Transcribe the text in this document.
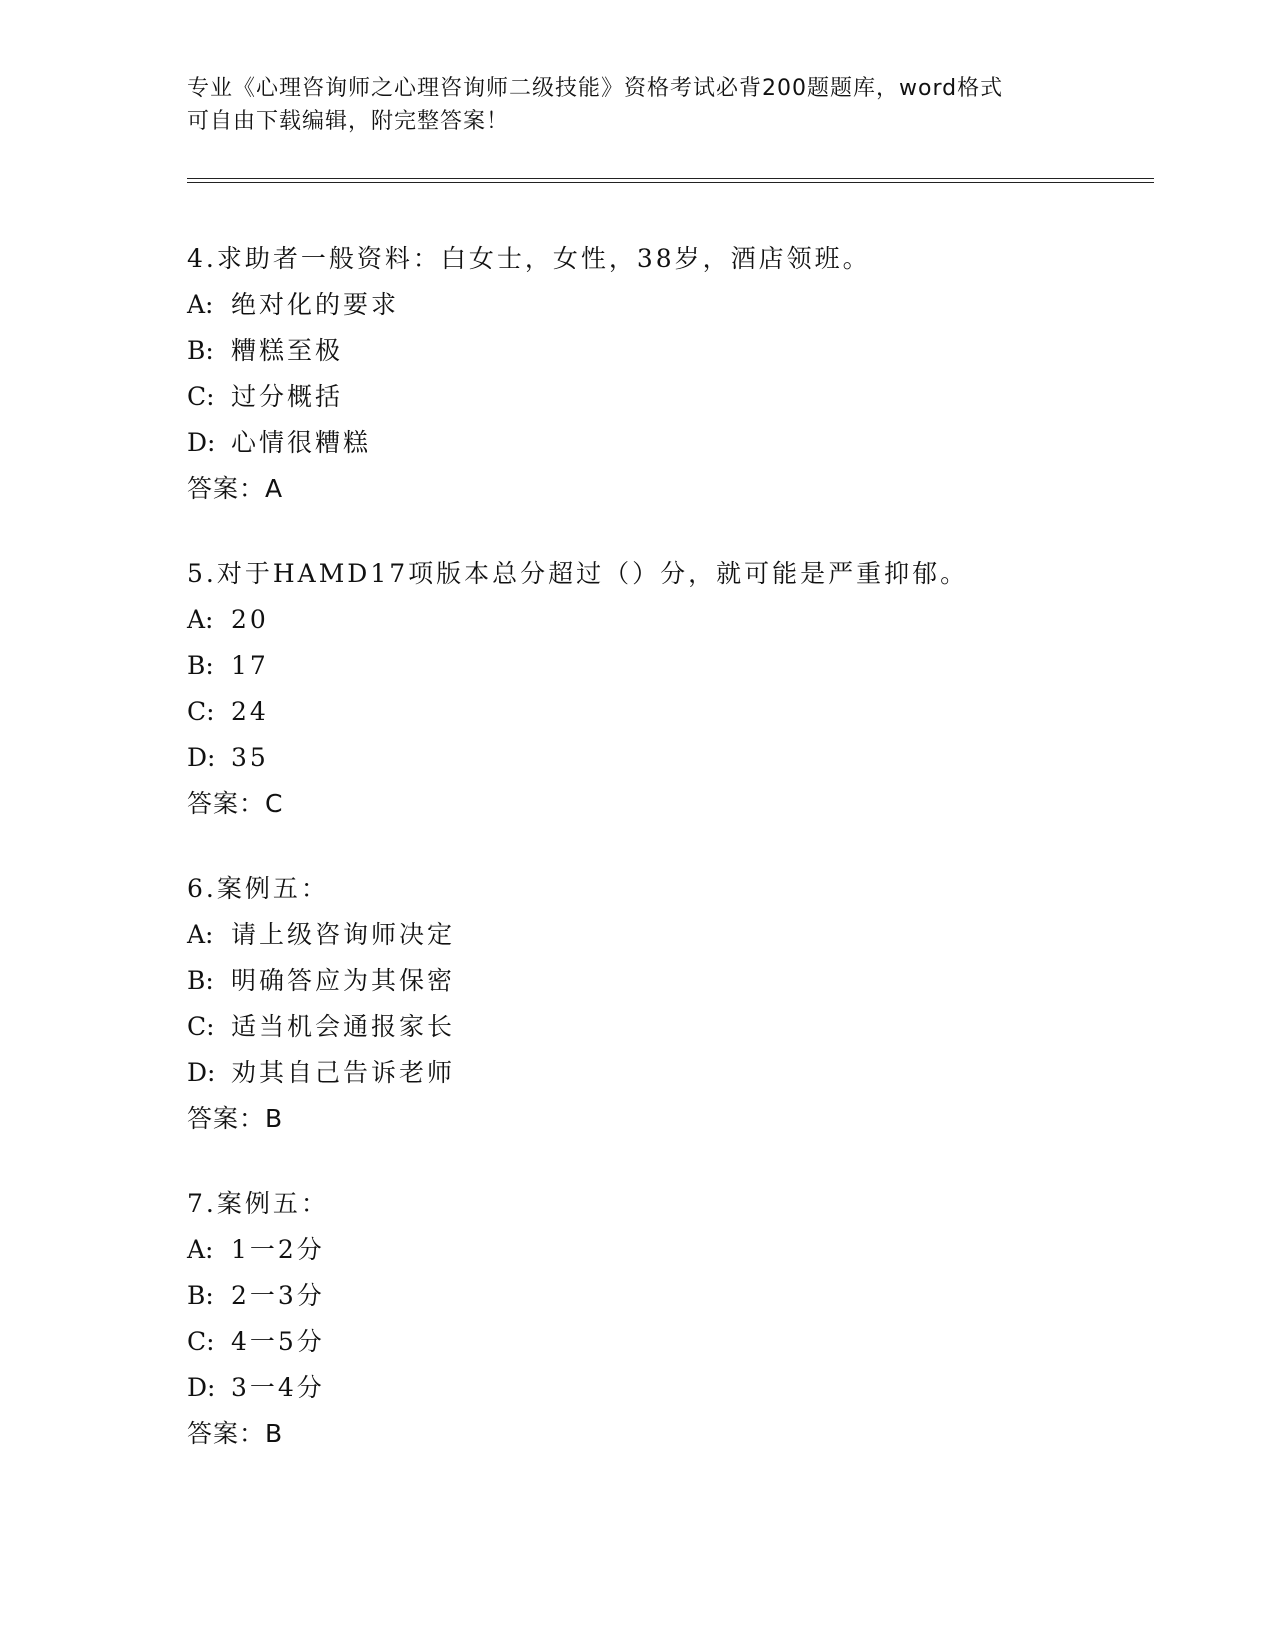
专业《心理咨询师之心理咨询师二级技能》资格考试必背200题题库，word格式
可自由下载编辑，附完整答案！
4.求助者一般资料：白女士，女性，38岁，酒店领班。
A: 绝对化的要求
B: 糟糕至极
C: 过分概括
D: 心情很糟糕
答案：A
5.对于HAMD17项版本总分超过（）分，就可能是严重抑郁。
A: 20
B: 17
C: 24
D: 35
答案：C
6.案例五：
A: 请上级咨询师决定
B: 明确答应为其保密
C: 适当机会通报家长
D: 劝其自己告诉老师
答案：B
7.案例五：
A: 1一2分
B: 2一3分
C: 4一5分
D: 3一4分
答案：B
